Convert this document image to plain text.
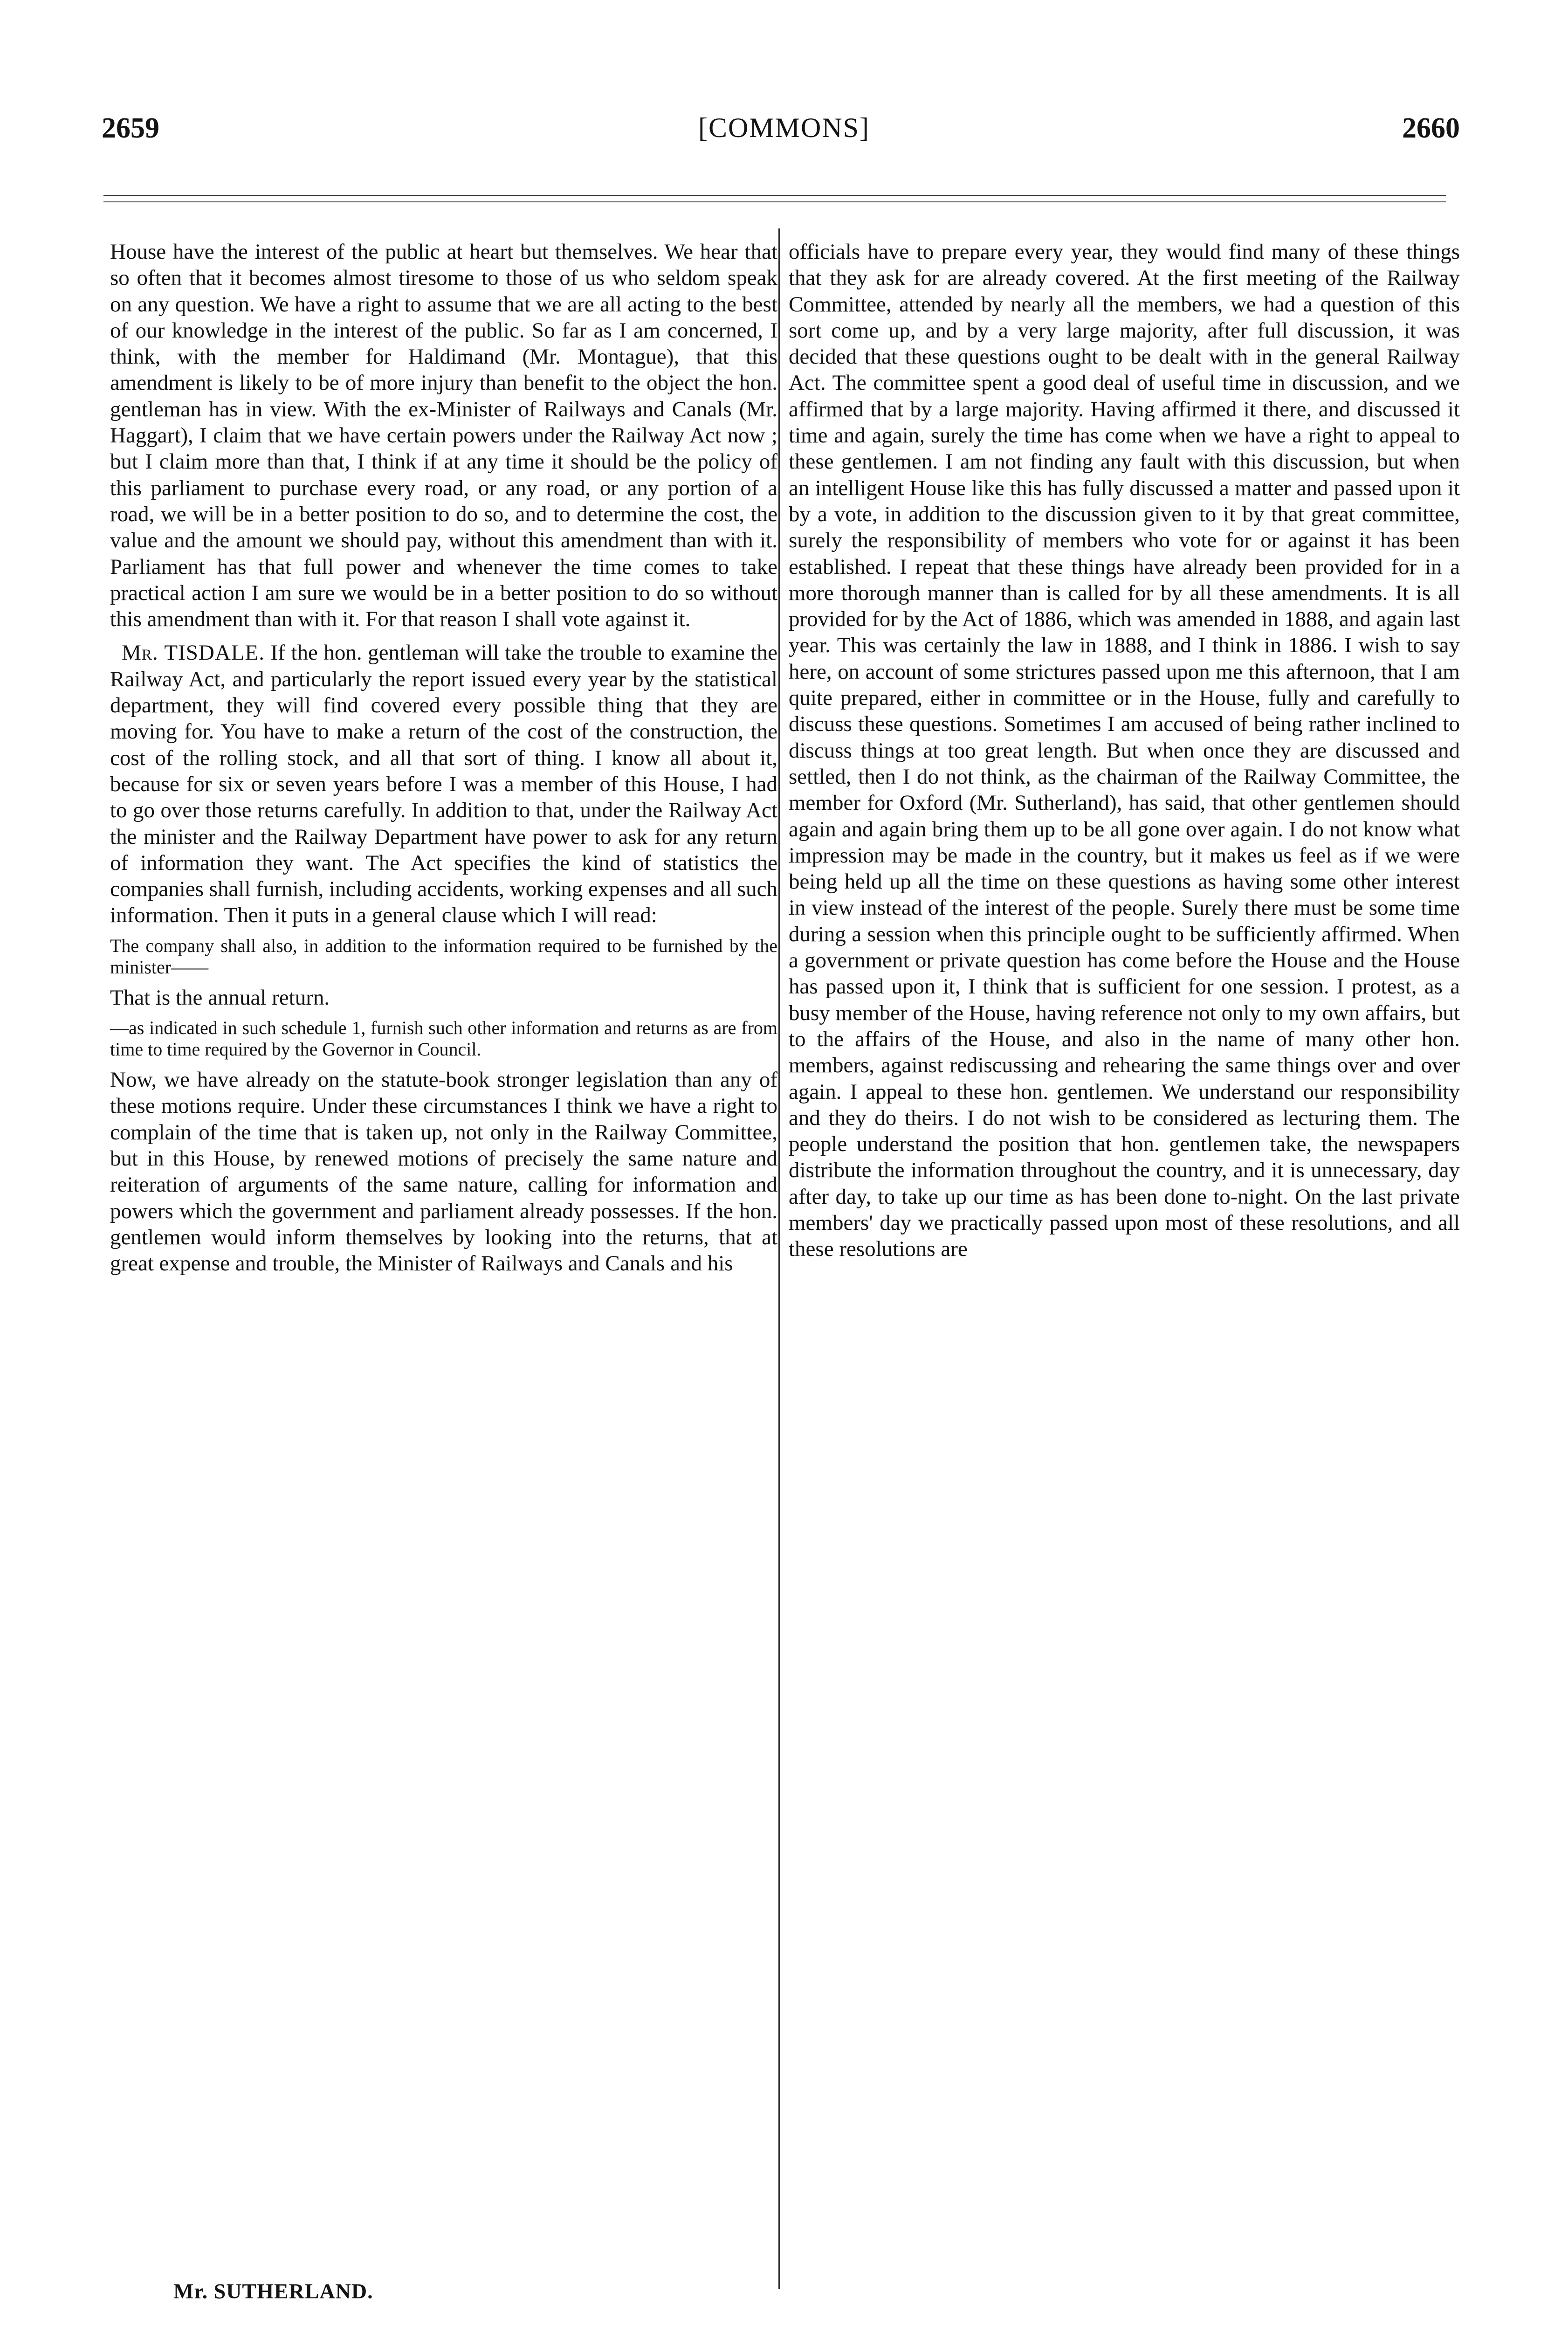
2659	[COMMONS]	2660

House have the interest of the public at heart but themselves. We hear that so often that it becomes almost tiresome to those of us who seldom speak on any question. We have a right to assume that we are all acting to the best of our knowledge in the interest of the public. So far as I am concerned, I think, with the member for Haldimand (Mr. Montague), that this amendment is likely to be of more injury than benefit to the object the hon. gentleman has in view. With the ex-Minister of Railways and Canals (Mr. Haggart), I claim that we have certain powers under the Railway Act now ; but I claim more than that, I think if at any time it should be the policy of this parliament to purchase every road, or any road, or any portion of a road, we will be in a better position to do so, and to determine the cost, the value and the amount we should pay, without this amendment than with it. Parliament has that full power and whenever the time comes to take practical action I am sure we would be in a better position to do so without this amendment than with it. For that reason I shall vote against it.

Mr. TISDALE. If the hon. gentleman will take the trouble to examine the Railway Act, and particularly the report issued every year by the statistical department, they will find covered every possible thing that they are moving for. You have to make a return of the cost of the construction, the cost of the rolling stock, and all that sort of thing. I know all about it, because for six or seven years before I was a member of this House, I had to go over those returns carefully. In addition to that, under the Railway Act the minister and the Railway Department have power to ask for any return of information they want. The Act specifies the kind of statistics the companies shall furnish, including accidents, working expenses and all such information. Then it puts in a general clause which I will read:

The company shall also, in addition to the information required to be furnished by the minister——

That is the annual return.

—as indicated in such schedule 1, furnish such other information and returns as are from time to time required by the Governor in Council.

Now, we have already on the statute-book stronger legislation than any of these motions require. Under these circumstances I think we have a right to complain of the time that is taken up, not only in the Railway Committee, but in this House, by renewed motions of precisely the same nature and reiteration of arguments of the same nature, calling for information and powers which the government and parliament already possesses. If the hon. gentlemen would inform themselves by looking into the returns, that at great expense and trouble, the Minister of Railways and Canals and his

officials have to prepare every year, they would find many of these things that they ask for are already covered. At the first meeting of the Railway Committee, attended by nearly all the members, we had a question of this sort come up, and by a very large majority, after full discussion, it was decided that these questions ought to be dealt with in the general Railway Act. The committee spent a good deal of useful time in discussion, and we affirmed that by a large majority. Having affirmed it there, and discussed it time and again, surely the time has come when we have a right to appeal to these gentlemen. I am not finding any fault with this discussion, but when an intelligent House like this has fully discussed a matter and passed upon it by a vote, in addition to the discussion given to it by that great committee, surely the responsibility of members who vote for or against it has been established. I repeat that these things have already been provided for in a more thorough manner than is called for by all these amendments. It is all provided for by the Act of 1886, which was amended in 1888, and again last year. This was certainly the law in 1888, and I think in 1886. I wish to say here, on account of some strictures passed upon me this afternoon, that I am quite prepared, either in committee or in the House, fully and carefully to discuss these questions. Sometimes I am accused of being rather inclined to discuss things at too great length. But when once they are discussed and settled, then I do not think, as the chairman of the Railway Committee, the member for Oxford (Mr. Sutherland), has said, that other gentlemen should again and again bring them up to be all gone over again. I do not know what impression may be made in the country, but it makes us feel as if we were being held up all the time on these questions as having some other interest in view instead of the interest of the people. Surely there must be some time during a session when this principle ought to be sufficiently affirmed. When a government or private question has come before the House and the House has passed upon it, I think that is sufficient for one session. I protest, as a busy member of the House, having reference not only to my own affairs, but to the affairs of the House, and also in the name of many other hon. members, against rediscussing and rehearing the same things over and over again. I appeal to these hon. gentlemen. We understand our responsibility and they do theirs. I do not wish to be considered as lecturing them. The people understand the position that hon. gentlemen take, the newspapers distribute the information throughout the country, and it is unnecessary, day after day, to take up our time as has been done to-night. On the last private members' day we practically passed upon most of these resolutions, and all these resolutions are

Mr. SUTHERLAND.
